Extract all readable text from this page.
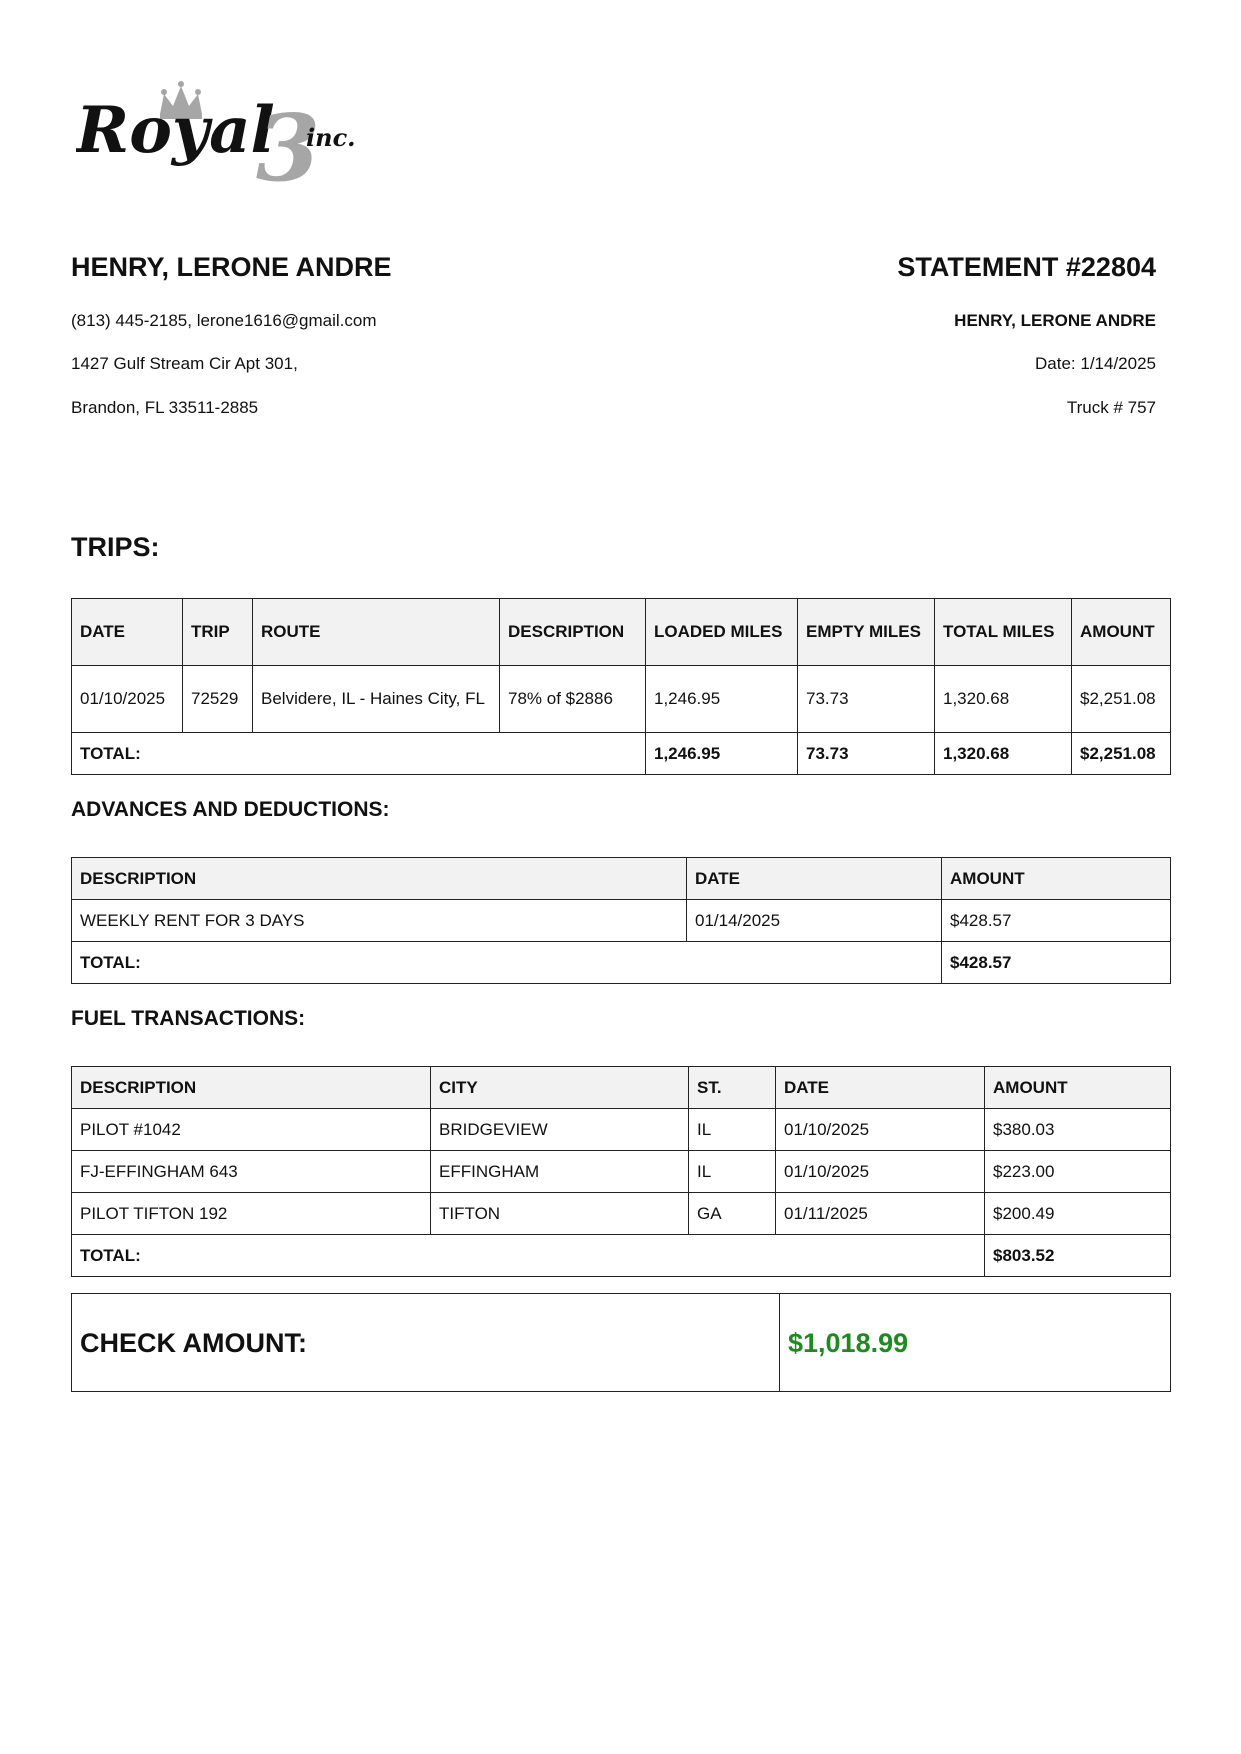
Royal
3
inc.

HENRY, LERONE ANDRE

(813) 445-2185, lerone1616@gmail.com

1427 Gulf Stream Cir Apt 301,

Brandon, FL 33511-2885

STATEMENT #22804

HENRY, LERONE ANDRE

Date: 1/14/2025

Truck # 757

TRIPS:

DATE	TRIP	ROUTE	DESCRIPTION	LOADED MILES	EMPTY MILES	TOTAL MILES	AMOUNT
01/10/2025	72529	Belvidere, IL - Haines City, FL	78% of $2886	1,246.95	73.73	1,320.68	$2,251.08
TOTAL:				1,246.95	73.73	1,320.68	$2,251.08

ADVANCES AND DEDUCTIONS:

DESCRIPTION	DATE	AMOUNT
WEEKLY RENT FOR 3 DAYS	01/14/2025	$428.57
TOTAL:		$428.57

FUEL TRANSACTIONS:

DESCRIPTION	CITY	ST.	DATE	AMOUNT
PILOT #1042	BRIDGEVIEW	IL	01/10/2025	$380.03
FJ-EFFINGHAM 643	EFFINGHAM	IL	01/10/2025	$223.00
PILOT TIFTON 192	TIFTON	GA	01/11/2025	$200.49
TOTAL:				$803.52
CHECK AMOUNT:	$1,018.99
